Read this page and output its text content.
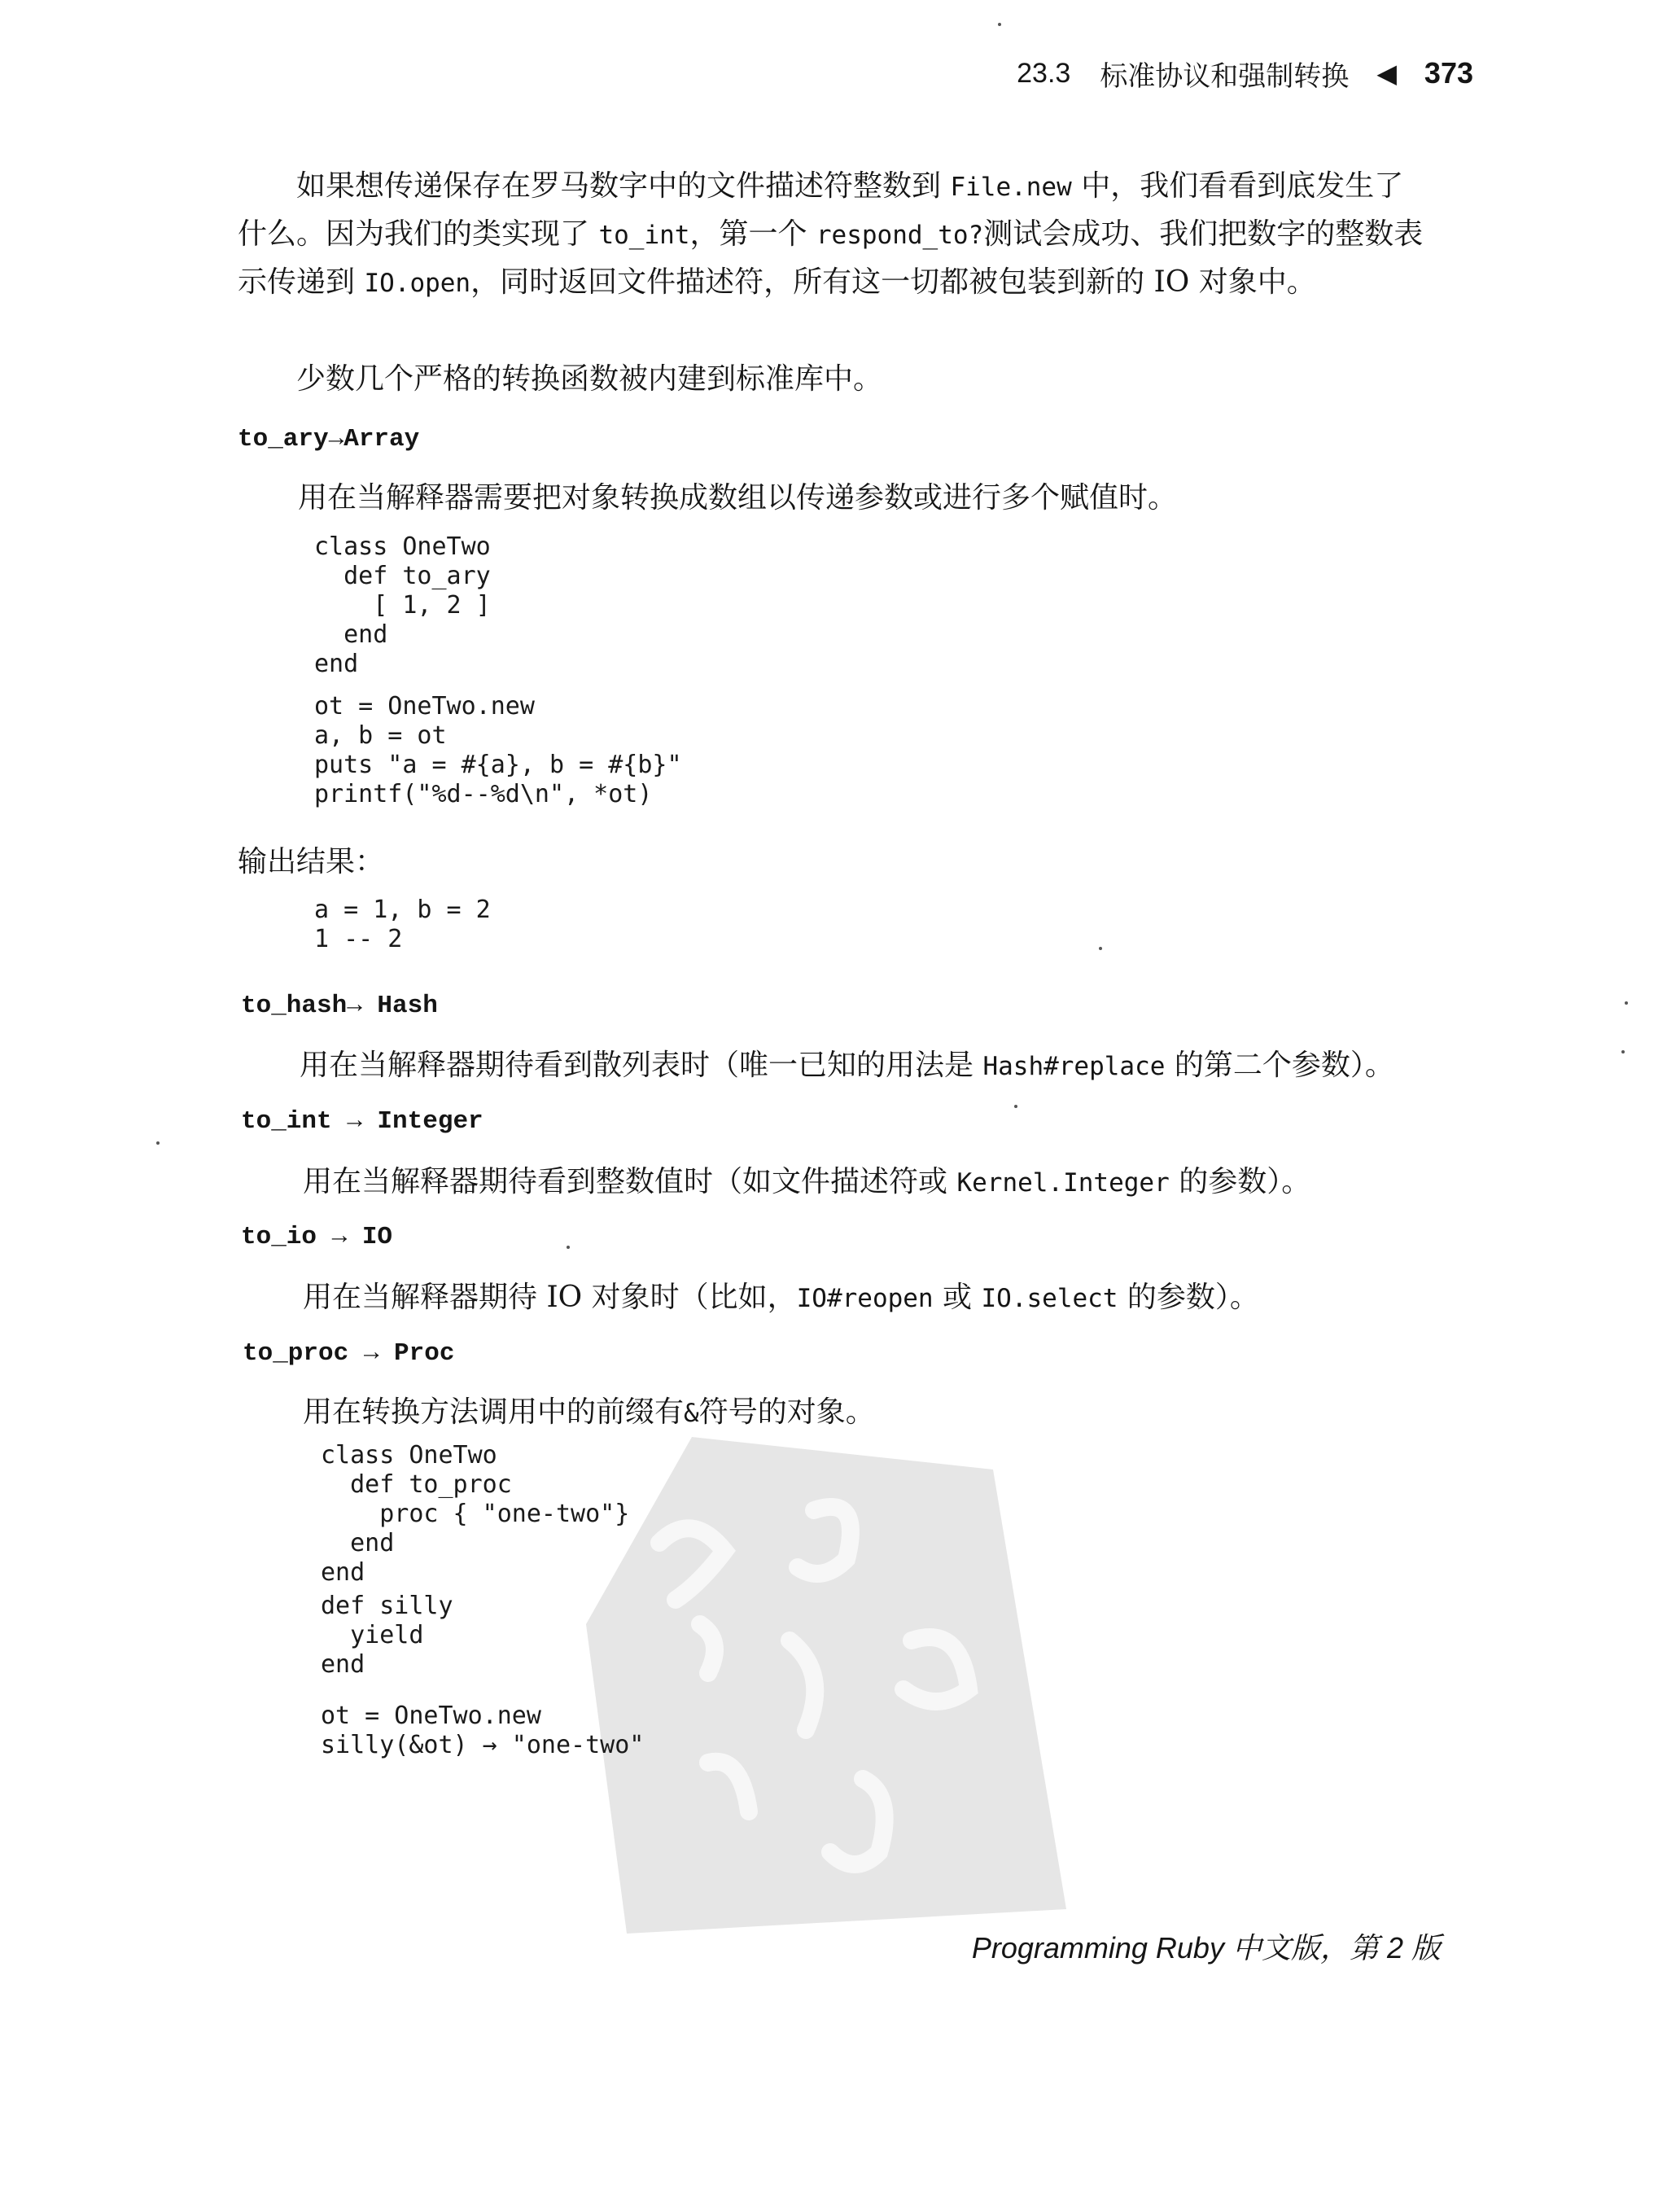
23.3 标准协议和强制转换 ◀ 373

如果想传递保存在罗马数字中的文件描述符整数到 File.new 中，我们看看到底发生了什么。因为我们的类实现了 to_int，第一个 respond_to?测试会成功、我们把数字的整数表示传递到 IO.open，同时返回文件描述符，所有这一切都被包装到新的 IO 对象中。

少数几个严格的转换函数被内建到标准库中。

to_ary→Array
用在当解释器需要把对象转换成数组以传递参数或进行多个赋值时。
class OneTwo
def to_ary
[ 1, 2 ]
end
end
ot = OneTwo.new
a, b = ot
puts "a = #{a}, b = #{b}"
printf("%d--%d\n", *ot)
输出结果：
a = 1, b = 2
1 -- 2
to_hash→ Hash
用在当解释器期待看到散列表时（唯一已知的用法是 Hash#replace 的第二个参数）。
to_int → Integer
用在当解释器期待看到整数值时（如文件描述符或 Kernel.Integer 的参数）。
to_io → IO
用在当解释器期待 IO 对象时（比如，IO#reopen 或 IO.select 的参数）。
to_proc → Proc
用在转换方法调用中的前缀有&符号的对象。
class OneTwo
def to_proc
proc { "one-two"}
end
end
def silly
yield
end
ot = OneTwo.new
silly(&ot) → "one-two"
Programming Ruby 中文版，第 2 版
